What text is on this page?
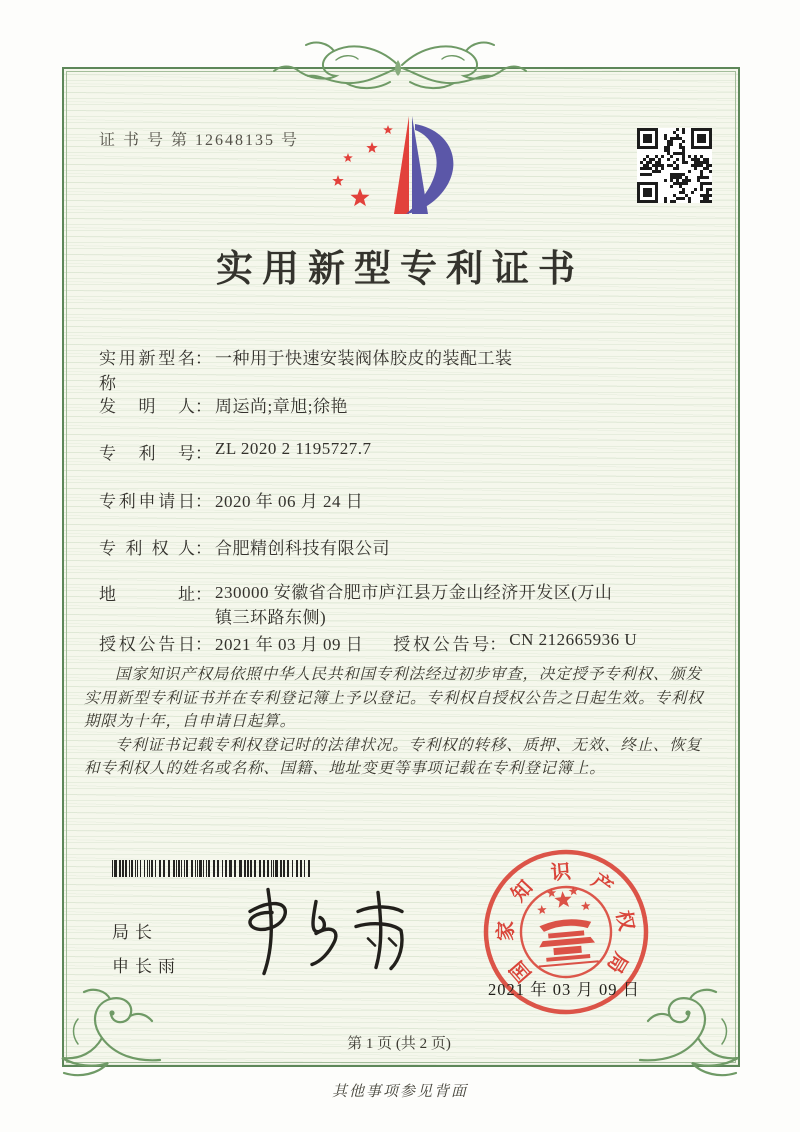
证 书 号 第 12648135 号
实用新型专利证书
实用新型名称
： 一种用于快速安装阀体胶皮的装配工装
发明人 ： 周运尚;章旭;徐艳
专利号 ： ZL 2020 2 1195727.7
专利申请日 ： 2020 年 06 月 24 日
专利权人 ： 合肥精创科技有限公司
地址 ： 230000 安徽省合肥市庐江县万金山经济开发区(万山镇三环路东侧)
授权公告日 ： 2021 年 03 月 09 日 授权公告号 ： CN 212665936 U

国家知识产权局依照中华人民共和国专利法经过初步审查，决定授予专利权、颁发实用新型专利证书并在专利登记簿上予以登记。专利权自授权公告之日起生效。专利权期限为十年，自申请日起算。

专利证书记载专利权登记时的法律状况。专利权的转移、质押、无效、终止、恢复和专利权人的姓名或名称、国籍、地址变更等事项记载在专利登记簿上。

局长
申长雨	国
家
知
识 产
权
局
2021 年 03 月 09 日
第 1 页 (共 2 页)
其他事项参见背面
